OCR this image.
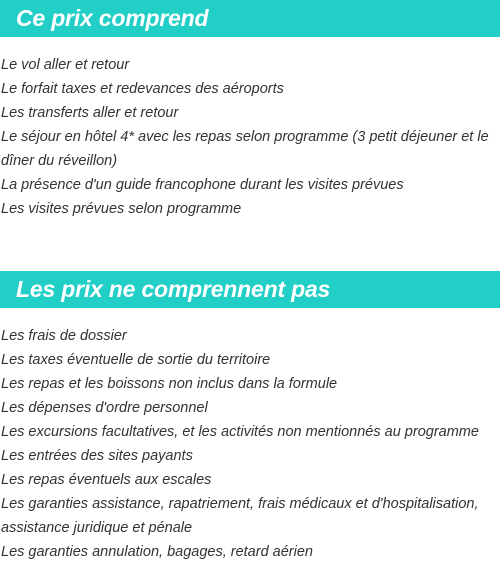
Ce prix comprend
Le vol aller et retour
Le forfait taxes et redevances des aéroports
Les transferts aller et retour
Le séjour en hôtel 4* avec les repas selon programme (3 petit déjeuner et le dîner du réveillon)
La présence d'un guide francophone durant les visites prévues
Les visites prévues selon programme
Les prix ne comprennent pas
Les frais de dossier
Les taxes éventuelle de sortie du territoire
Les repas et les boissons non inclus dans la formule
Les dépenses d'ordre personnel
Les excursions facultatives, et les activités non mentionnés au programme
Les entrées des sites payants
Les repas éventuels aux escales
Les garanties assistance, rapatriement, frais médicaux et d'hospitalisation, assistance juridique et pénale
Les garanties annulation, bagages, retard aérien
